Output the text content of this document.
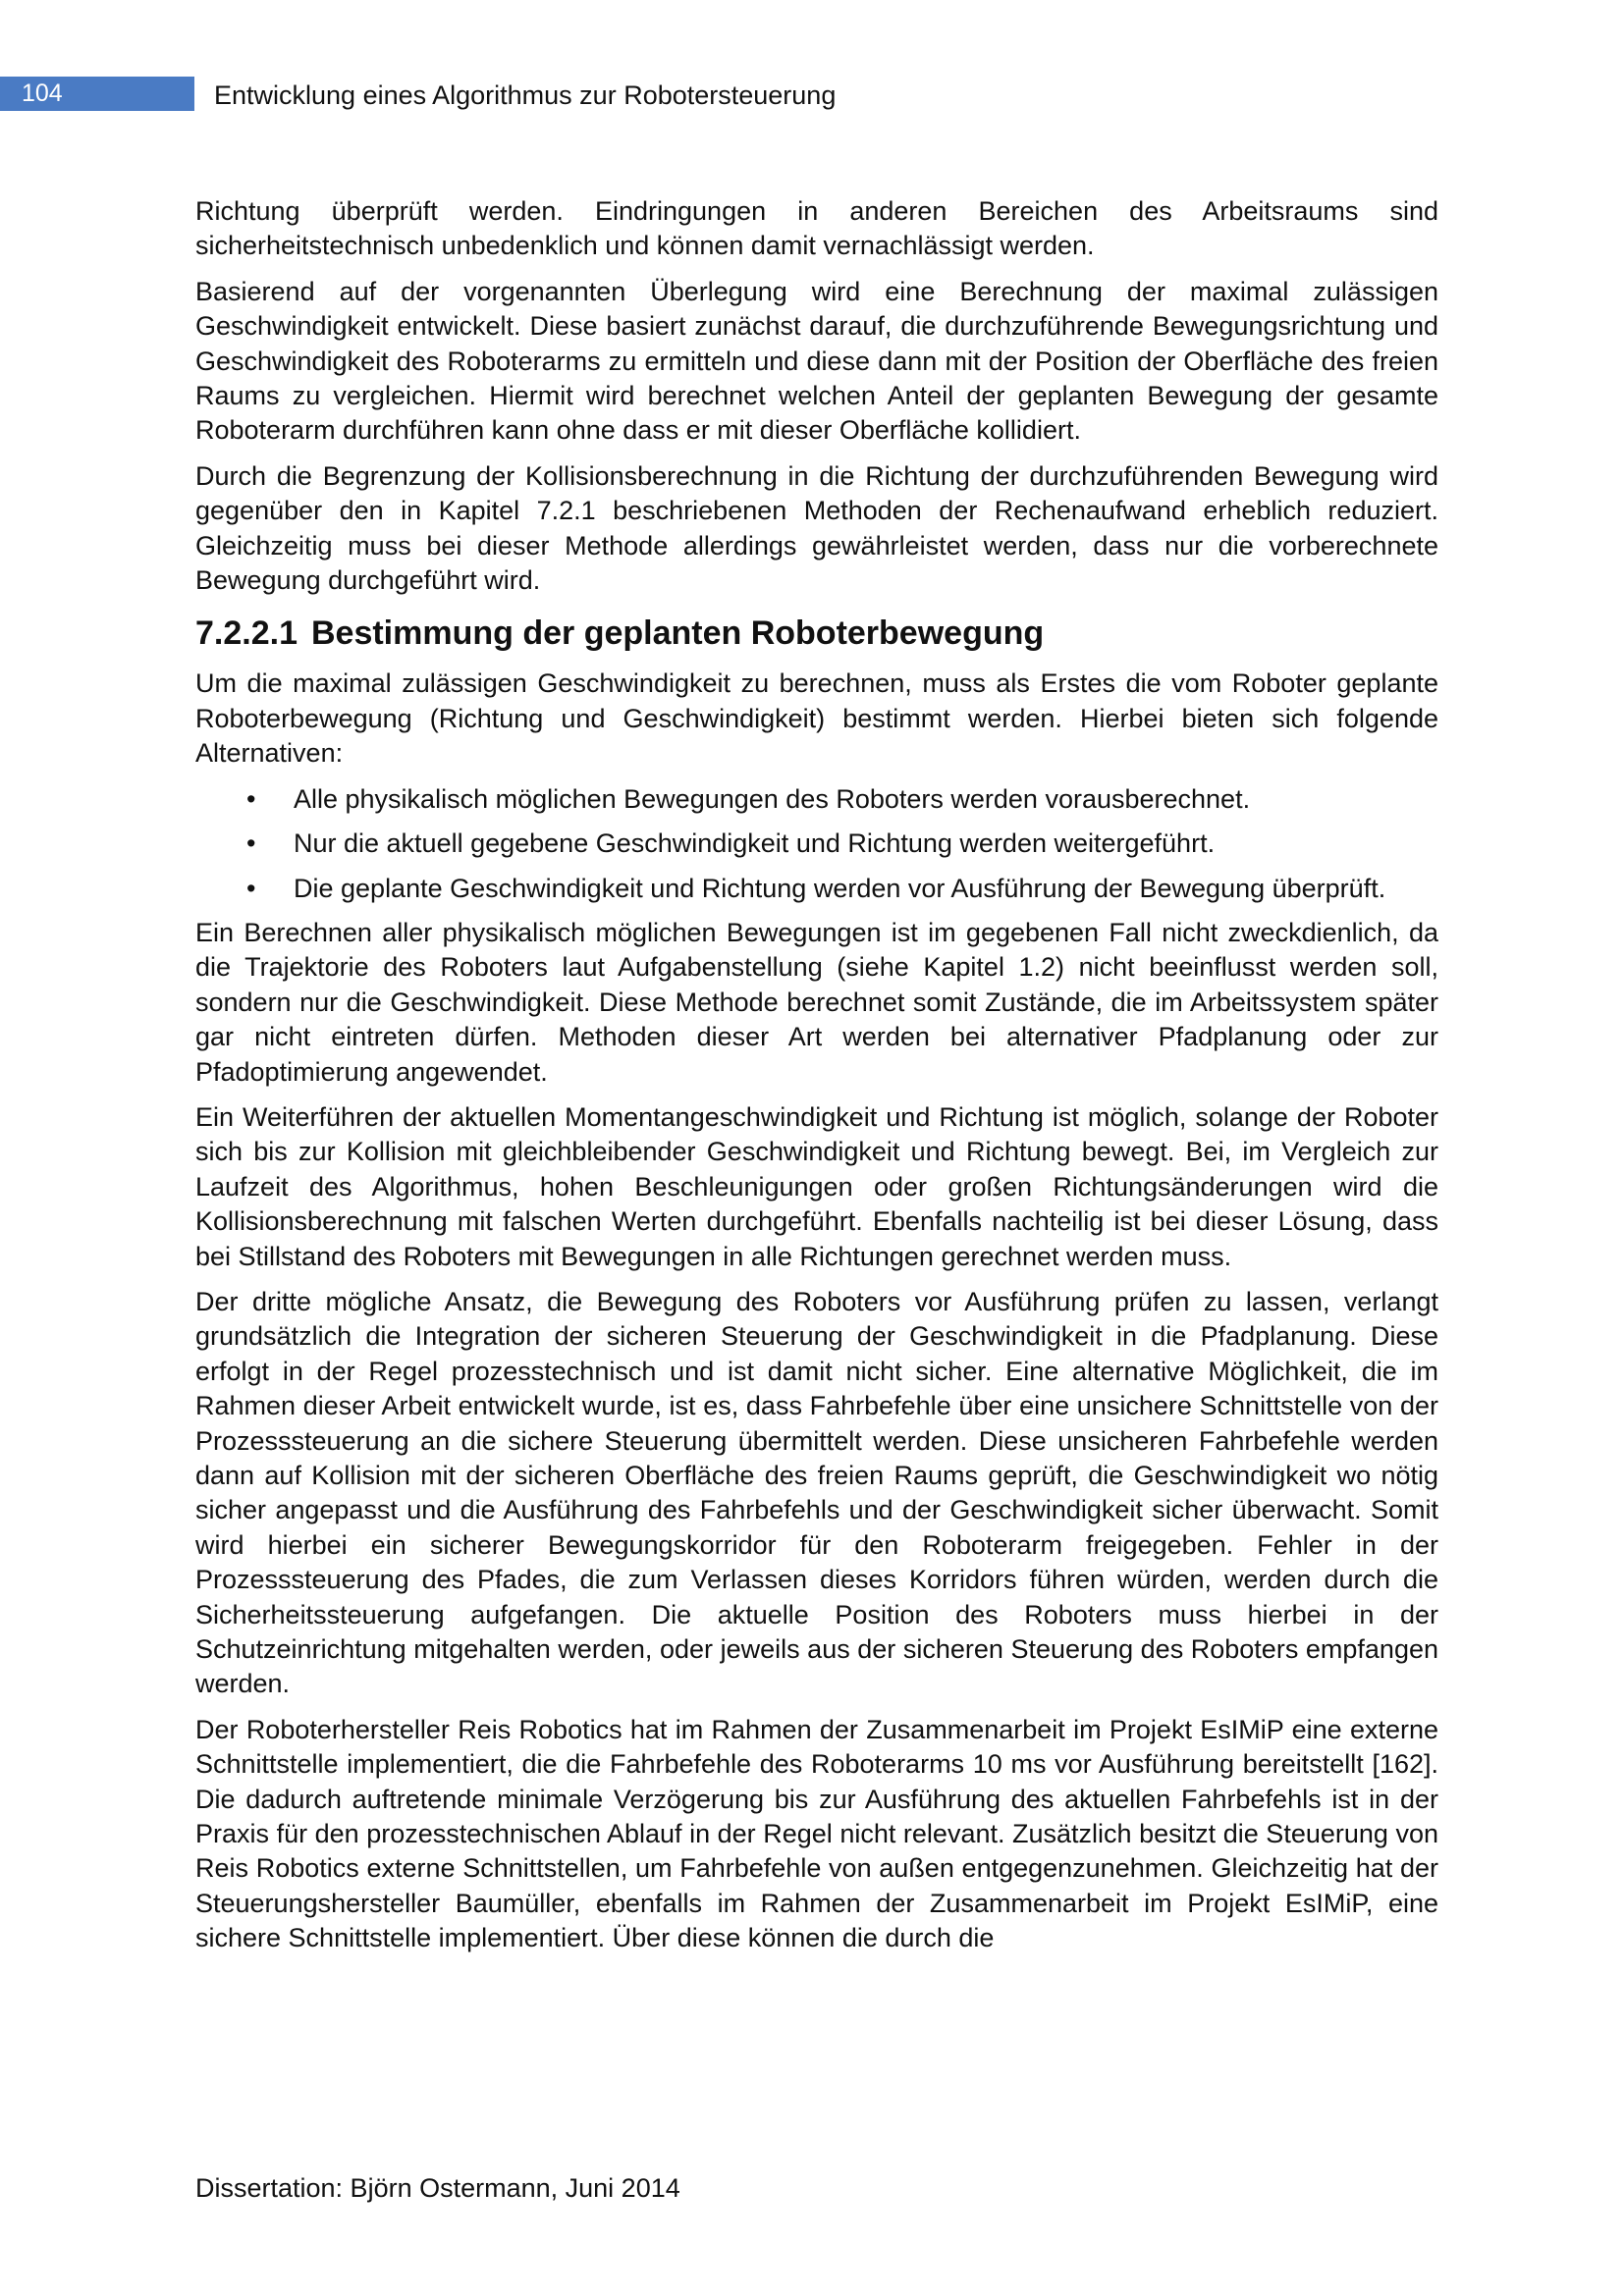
104	Entwicklung eines Algorithmus zur Robotersteuerung

Richtung überprüft werden. Eindringungen in anderen Bereichen des Arbeitsraums sind sicherheitstechnisch unbedenklich und können damit vernachlässigt werden.

Basierend auf der vorgenannten Überlegung wird eine Berechnung der maximal zulässigen Geschwindigkeit entwickelt. Diese basiert zunächst darauf, die durchzuführende Bewegungsrichtung und Geschwindigkeit des Roboterarms zu ermitteln und diese dann mit der Position der Oberfläche des freien Raums zu vergleichen. Hiermit wird berechnet welchen Anteil der geplanten Bewegung der gesamte Roboterarm durchführen kann ohne dass er mit dieser Oberfläche kollidiert.

Durch die Begrenzung der Kollisionsberechnung in die Richtung der durchzuführenden Bewegung wird gegenüber den in Kapitel 7.2.1 beschriebenen Methoden der Rechenaufwand erheblich reduziert. Gleichzeitig muss bei dieser Methode allerdings gewährleistet werden, dass nur die vorberechnete Bewegung durchgeführt wird.

7.2.2.1 Bestimmung der geplanten Roboterbewegung

Um die maximal zulässigen Geschwindigkeit zu berechnen, muss als Erstes die vom Roboter geplante Roboterbewegung (Richtung und Geschwindigkeit) bestimmt werden. Hierbei bieten sich folgende Alternativen:

• Alle physikalisch möglichen Bewegungen des Roboters werden vorausberechnet.
• Nur die aktuell gegebene Geschwindigkeit und Richtung werden weitergeführt.
• Die geplante Geschwindigkeit und Richtung werden vor Ausführung der Bewegung überprüft.

Ein Berechnen aller physikalisch möglichen Bewegungen ist im gegebenen Fall nicht zweckdienlich, da die Trajektorie des Roboters laut Aufgabenstellung (siehe Kapitel 1.2) nicht beeinflusst werden soll, sondern nur die Geschwindigkeit. Diese Methode berechnet somit Zustände, die im Arbeitssystem später gar nicht eintreten dürfen. Methoden dieser Art werden bei alternativer Pfadplanung oder zur Pfadoptimierung angewendet.

Ein Weiterführen der aktuellen Momentangeschwindigkeit und Richtung ist möglich, solange der Roboter sich bis zur Kollision mit gleichbleibender Geschwindigkeit und Richtung bewegt. Bei, im Vergleich zur Laufzeit des Algorithmus, hohen Beschleunigungen oder großen Richtungsänderungen wird die Kollisionsberechnung mit falschen Werten durchgeführt. Ebenfalls nachteilig ist bei dieser Lösung, dass bei Stillstand des Roboters mit Bewegungen in alle Richtungen gerechnet werden muss.

Der dritte mögliche Ansatz, die Bewegung des Roboters vor Ausführung prüfen zu lassen, verlangt grundsätzlich die Integration der sicheren Steuerung der Geschwindigkeit in die Pfadplanung. Diese erfolgt in der Regel prozesstechnisch und ist damit nicht sicher. Eine alternative Möglichkeit, die im Rahmen dieser Arbeit entwickelt wurde, ist es, dass Fahrbefehle über eine unsichere Schnittstelle von der Prozesssteuerung an die sichere Steuerung übermittelt werden. Diese unsicheren Fahrbefehle werden dann auf Kollision mit der sicheren Oberfläche des freien Raums geprüft, die Geschwindigkeit wo nötig sicher angepasst und die Ausführung des Fahrbefehls und der Geschwindigkeit sicher überwacht. Somit wird hierbei ein sicherer Bewegungskorridor für den Roboterarm freigegeben. Fehler in der Prozesssteuerung des Pfades, die zum Verlassen dieses Korridors führen würden, werden durch die Sicherheitssteuerung aufgefangen. Die aktuelle Position des Roboters muss hierbei in der Schutzeinrichtung mitgehalten werden, oder jeweils aus der sicheren Steuerung des Roboters empfangen werden.

Der Roboterhersteller Reis Robotics hat im Rahmen der Zusammenarbeit im Projekt EsIMiP eine externe Schnittstelle implementiert, die die Fahrbefehle des Roboterarms 10 ms vor Ausführung bereitstellt [162]. Die dadurch auftretende minimale Verzögerung bis zur Ausführung des aktuellen Fahrbefehls ist in der Praxis für den prozesstechnischen Ablauf in der Regel nicht relevant. Zusätzlich besitzt die Steuerung von Reis Robotics externe Schnittstellen, um Fahrbefehle von außen entgegenzunehmen. Gleichzeitig hat der Steuerungshersteller Baumüller, ebenfalls im Rahmen der Zusammenarbeit im Projekt EsIMiP, eine sichere Schnittstelle implementiert. Über diese können die durch die

Dissertation: Björn Ostermann, Juni 2014
